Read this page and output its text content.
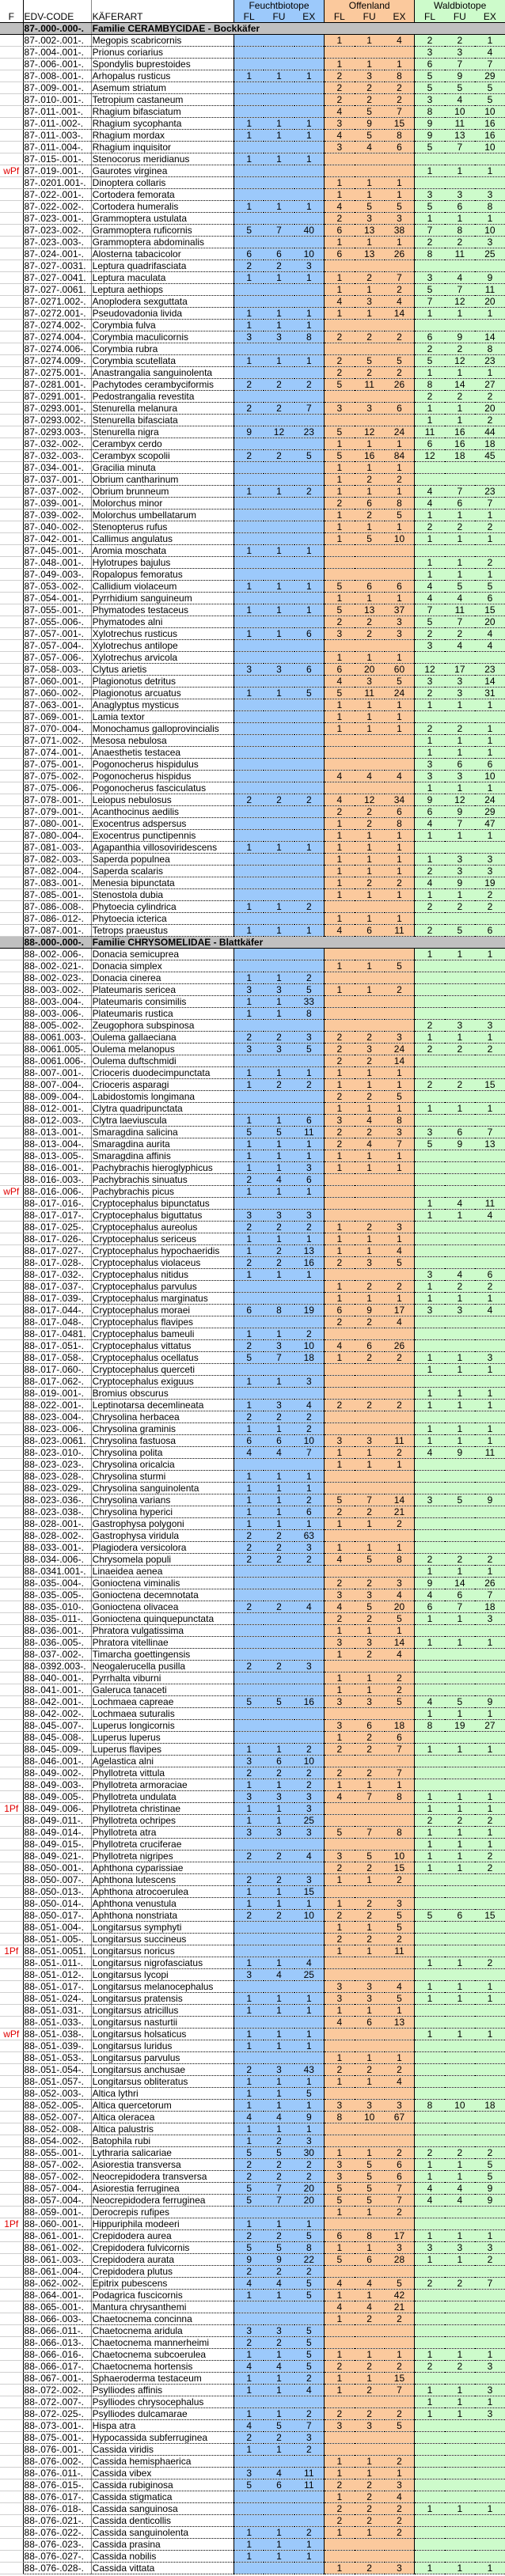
			Feuchtbiotope			Offenland			Waldbiotope		
F	EDV-CODE	KÄFERART	FL	FU	EX	FL	FU	EX	FL	FU	EX
	87-.000-.000-.	Familie CERAMBYCIDAE - Bockkäfer									
	87-.002-.001-.	Megopis scabricornis				1	1	4	2	2	1
	87-.004-.001-.	Prionus coriarius							3	3	4
	87-.006-.001-.	Spondylis buprestoides				1	1	1	6	7	7
	87-.008-.001-.	Arhopalus rusticus	1	1	1	2	3	8	5	9	29
	87-.009-.001-.	Asemum striatum				2	2	2	5	5	5
	87-.010-.001-.	Tetropium castaneum				2	2	2	3	4	5
	87-.011-.001-.	Rhagium bifasciatum				4	5	7	8	10	10
	87-.011-.002-.	Rhagium sycophanta	1	1	1	3	9	15	9	11	16
	87-.011-.003-.	Rhagium mordax	1	1	1	4	5	8	9	13	16
	87-.011-.004-.	Rhagium inquisitor				3	4	6	5	7	10
	87-.015-.001-.	Stenocorus meridianus	1	1	1						
wPf	87-.019-.001-.	Gaurotes virginea							1	1	1
	87-.0201.001-.	Dinoptera collaris				1	1	1			
	87-.022-.001-.	Cortodera femorata				1	1	1	3	3	3
	87-.022-.002-.	Cortodera humeralis	1	1	1	4	5	5	5	6	8
	87-.023-.001-.	Grammoptera ustulata				2	3	3	1	1	1
	87-.023-.002-.	Grammoptera ruficornis	5	7	40	6	13	38	7	8	10
	87-.023-.003-.	Grammoptera abdominalis				1	1	1	2	2	3
	87-.024-.001-.	Alosterna tabacicolor	6	6	10	6	13	26	8	11	25
	87-.027-.0031.	Leptura quadrifasciata	2	2	3						
	87-.027-.0041.	Leptura maculata	1	1	1	1	2	7	3	4	9
	87-.027-.0061.	Leptura aethiops				1	1	2	5	7	11
	87-.0271.002-.	Anoplodera sexguttata				4	3	4	7	12	20
	87-.0272.001-.	Pseudovadonia livida	1	1	1	1	1	14	1	1	1
	87-.0274.002-.	Corymbia fulva	1	1	1						
	87-.0274.004-.	Corymbia maculicornis	3	3	8	2	2	2	6	9	14
	87-.0274.006-.	Corymbia rubra							2	2	8
	87-.0274.009-.	Corymbia scutellata	1	1	1	2	5	5	5	12	23
	87-.0275.001-.	Anastrangalia sanguinolenta				2	2	2	1	1	1
	87-.0281.001-.	Pachytodes cerambyciformis	2	2	2	5	11	26	8	14	27
	87-.0291.001-.	Pedostrangalia revestita							2	2	2
	87-.0293.001-.	Stenurella melanura	2	2	7	3	3	6	1	1	20
	87-.0293.002-.	Stenurella bifasciata							1	1	2
	87-.0293.003-.	Stenurella nigra	9	12	23	5	12	24	11	16	44
	87-.032-.002-.	Cerambyx cerdo				1	1	1	6	16	18
	87-.032-.003-.	Cerambyx scopolii	2	2	5	5	16	84	12	18	45
	87-.034-.001-.	Gracilia minuta				1	1	1			
	87-.037-.001-.	Obrium cantharinum				1	2	2			
	87-.037-.002-.	Obrium brunneum	1	1	2	1	1	1	4	7	23
	87-.039-.001-.	Molorchus minor				2	6	8	4	6	7
	87-.039-.002-.	Molorchus umbellatarum				1	2	5	1	1	1
	87-.040-.002-.	Stenopterus rufus				1	1	1	2	2	2
	87-.042-.001-.	Callimus angulatus				1	5	10	1	1	1
	87-.045-.001-.	Aromia moschata	1	1	1						
	87-.048-.001-.	Hylotrupes bajulus							1	1	2
	87-.049-.003-.	Ropalopus femoratus							1	1	1
	87-.053-.002-.	Callidium violaceum	1	1	1	5	6	6	4	5	5
	87-.054-.001-.	Pyrrhidium sanguineum				1	1	1	4	4	6
	87-.055-.001-.	Phymatodes testaceus	1	1	1	5	13	37	7	11	15
	87-.055-.006-.	Phymatodes alni				2	2	3	5	7	20
	87-.057-.001-.	Xylotrechus rusticus	1	1	6	3	2	3	2	2	4
	87-.057-.004-.	Xylotrechus antilope							3	4	4
	87-.057-.006-.	Xylotrechus arvicola				1	1	1			
	87-.058-.003-.	Clytus arietis	3	3	6	6	20	60	12	17	23
	87-.060-.001-.	Plagionotus detritus				4	3	5	3	3	14
	87-.060-.002-.	Plagionotus arcuatus	1	1	5	5	11	24	2	3	31
	87-.063-.001-.	Anaglyptus mysticus				1	1	1	1	1	1
	87-.069-.001-.	Lamia textor				1	1	1			
	87-.070-.004-.	Monochamus galloprovincialis				1	1	1	2	2	1
	87-.071-.002-.	Mesosa nebulosa							1	1	1
	87-.074-.001-.	Anaesthetis testacea							1	1	1
	87-.075-.001-.	Pogonocherus hispidulus							3	6	6
	87-.075-.002-.	Pogonocherus hispidus				4	4	4	3	3	10
	87-.075-.006-.	Pogonocherus fasciculatus							1	1	1
	87-.078-.001-.	Leiopus nebulosus	2	2	2	4	12	34	9	12	24
	87-.079-.001-.	Acanthocinus aedilis				2	2	6	6	9	29
	87-.080-.001-.	Exocentrus adspersus				1	2	8	4	7	47
	87-.080-.004-.	Exocentrus punctipennis				1	1	1	1	1	1
	87-.081-.003-.	Agapanthia villosoviridescens	1	1	1	1	1	1			
	87-.082-.003-.	Saperda populnea				1	1	1	1	3	3
	87-.082-.004-.	Saperda scalaris				1	1	1	2	3	3
	87-.083-.001-.	Menesia bipunctata				1	2	2	4	9	19
	87-.085-.001-.	Stenostola dubia				1	1	1	1	1	2
	87-.086-.008-.	Phytoecia cylindrica	1	1	2				2	2	2
	87-.086-.012-.	Phytoecia icterica				1	1	1			
	87-.087-.001-.	Tetrops praeustus	1	1	1	4	6	11	2	5	6
	88-.000-.000-.	Familie CHRYSOMELIDAE - Blattkäfer									
	88-.002-.006-.	Donacia semicuprea							1	1	1
	88-.002-.021-.	Donacia simplex				1	1	5			
	88-.002-.023-.	Donacia cinerea	1	1	2						
	88-.003-.002-.	Plateumaris sericea	3	3	5	1	1	2			
	88-.003-.004-.	Plateumaris consimilis	1	1	33						
	88-.003-.006-.	Plateumaris rustica	1	1	8						
	88-.005-.002-.	Zeugophora subspinosa							2	3	3
	88-.0061.003-.	Oulema gallaeciana	2	2	3	2	2	3	1	1	1
	88-.0061.005-.	Oulema melanopus	3	3	5	2	3	24	2	2	2
	88-.0061.006-.	Oulema duftschmidi				2	2	14			
	88-.007-.001-.	Crioceris duodecimpunctata	1	1	1	1	1	1			
	88-.007-.004-.	Crioceris asparagi	1	2	2	1	1	1	2	2	15
	88-.009-.004-.	Labidostomis longimana				2	2	5			
	88-.012-.001-.	Clytra quadripunctata				1	1	1	1	1	1
	88-.012-.003-.	Clytra laeviuscula	1	1	6	3	4	8			
	88-.013-.001-.	Smaragdina salicina	5	5	11	2	2	3	3	6	7
	88-.013-.004-.	Smaragdina aurita	1	1	1	2	4	7	5	9	13
	88-.013-.005-.	Smaragdina affinis	1	1	1	1	1	1			
	88-.016-.001-.	Pachybrachis hieroglyphicus	1	1	3	1	1	1			
	88-.016-.003-.	Pachybrachis sinuatus	2	4	6						
wPf	88-.016-.006-.	Pachybrachis picus	1	1	1						
	88-.017-.016-.	Cryptocephalus bipunctatus							1	4	11
	88-.017-.017-.	Cryptocephalus biguttatus	3	3	3				1	1	4
	88-.017-.025-.	Cryptocephalus aureolus	2	2	2	1	2	3			
	88-.017-.026-.	Cryptocephalus sericeus	1	1	1	1	1	1			
	88-.017-.027-.	Cryptocephalus hypochaeridis	1	2	13	1	1	4			
	88-.017-.028-.	Cryptocephalus violaceus	2	2	16	2	3	5			
	88-.017-.032-.	Cryptocephalus nitidus	1	1	1				3	4	6
	88-.017-.037-.	Cryptocephalus parvulus				1	2	2	1	2	2
	88-.017-.039-.	Cryptocephalus marginatus				1	1	1	1	1	1
	88-.017-.044-.	Cryptocephalus moraei	6	8	19	6	9	17	3	3	4
	88-.017-.048-.	Cryptocephalus flavipes				2	2	4			
	88-.017-.0481.	Cryptocephalus bameuli	1	1	2						
	88-.017-.051-.	Cryptocephalus vittatus	2	3	10	4	6	26			
	88-.017-.058-.	Cryptocephalus ocellatus	5	7	18	1	2	2	1	1	3
	88-.017-.060-.	Cryptocephalus querceti							1	1	1
	88-.017-.062-.	Cryptocephalus exiguus	1	1	3						
	88-.019-.001-.	Bromius obscurus							1	1	1
	88-.022-.001-.	Leptinotarsa decemlineata	1	3	4	2	2	2	1	1	1
	88-.023-.004-.	Chrysolina herbacea	2	2	2						
	88-.023-.006-.	Chrysolina graminis	1	1	2				1	1	1
	88-.023-.0061.	Chrysolina fastuosa	6	6	10	3	3	11	1	1	1
	88-.023-.010-.	Chrysolina polita	4	4	7	1	1	2	4	9	11
	88-.023-.023-.	Chrysolina oricalcia				1	1	1			
	88-.023-.028-.	Chrysolina sturmi	1	1	1						
	88-.023-.029-.	Chrysolina sanguinolenta	1	1	1						
	88-.023-.036-.	Chrysolina varians	1	1	2	5	7	14	3	5	9
	88-.023-.038-.	Chrysolina hyperici	1	1	6	2	2	21			
	88-.028-.001-.	Gastrophysa polygoni	1	1	1	1	1	2			
	88-.028-.002-.	Gastrophysa viridula	2	2	63						
	88-.033-.001-.	Plagiodera versicolora	2	2	3	1	1	1			
	88-.034-.006-.	Chrysomela populi	2	2	2	4	5	8	2	2	2
	88-.0341.001-.	Linaeidea aenea							1	1	1
	88-.035-.004-.	Gonioctena viminalis				2	2	3	9	14	26
	88-.035-.005-.	Gonioctena decemnotata				3	3	4	4	6	7
	88-.035-.010-.	Gonioctena olivacea	2	2	4	4	5	20	6	7	18
	88-.035-.011-.	Gonioctena quinquepunctata				2	2	5	1	1	3
	88-.036-.001-.	Phratora vulgatissima				1	1	1			
	88-.036-.005-.	Phratora vitellinae				3	3	14	1	1	1
	88-.037-.002-.	Timarcha goettingensis				1	2	4			
	88-.0392.003-.	Neogalerucella pusilla	2	2	3						
	88-.040-.001-.	Pyrrhalta viburni				1	1	2			
	88-.041-.001-.	Galeruca tanaceti				1	1	2			
	88-.042-.001-.	Lochmaea capreae	5	5	16	3	3	5	4	5	9
	88-.042-.002-.	Lochmaea suturalis							1	1	1
	88-.045-.007-.	Luperus longicornis				3	6	18	8	19	27
	88-.045-.008-.	Luperus luperus				1	2	6			
	88-.045-.009-.	Luperus flavipes	1	1	2	2	2	7	1	1	1
	88-.046-.001-.	Agelastica alni	3	6	10						
	88-.049-.002-.	Phyllotreta vittula	2	2	2	2	2	7			
	88-.049-.003-.	Phyllotreta armoraciae	1	1	2	1	1	1			
	88-.049-.005-.	Phyllotreta undulata	3	3	3	4	7	8	1	1	1
1Pf	88-.049-.006-.	Phyllotreta christinae	1	1	3				1	1	1
	88-.049-.011-.	Phyllotreta ochripes	1	1	25				2	2	2
	88-.049-.014-.	Phyllotreta atra	3	3	3	5	7	8	1	1	1
	88-.049-.015-.	Phyllotreta cruciferae							1	1	1
	88-.049-.021-.	Phyllotreta nigripes	2	2	4	3	5	10	1	1	2
	88-.050-.001-.	Aphthona cyparissiae				2	2	15	1	1	2
	88-.050-.007-.	Aphthona lutescens	2	2	3	1	1	2			
	88-.050-.013-.	Aphthona atrocoerulea	1	1	15						
	88-.050-.014-.	Aphthona venustula	1	1	1	1	2	3			
	88-.050-.017-.	Aphthona nonstriata	2	2	10	2	2	5	5	6	15
	88-.051-.004-.	Longitarsus symphyti				1	1	5			
	88-.051-.005-.	Longitarsus succineus				2	2	2			
1Pf	88-.051-.0051.	Longitarsus noricus				1	1	11			
	88-.051-.011-.	Longitarsus nigrofasciatus	1	1	4				1	1	2
	88-.051-.012-.	Longitarsus lycopi	3	4	25						
	88-.051-.017-.	Longitarsus melanocephalus				3	3	4	1	1	1
	88-.051-.024-.	Longitarsus pratensis	1	1	1	3	3	5	1	1	1
	88-.051-.031-.	Longitarsus atricillus	1	1	1	1	1	1			
	88-.051-.033-.	Longitarsus nasturtii				4	6	13			
wPf	88-.051-.038-.	Longitarsus holsaticus	1	1	1				1	1	1
	88-.051-.039-.	Longitarsus luridus	1	1	1						
	88-.051-.053-.	Longitarsus parvulus				1	1	1			
	88-.051-.054-.	Longitarsus anchusae	2	3	43	2	2	2			
	88-.051-.057-.	Longitarsus obliteratus	1	1	1	1	1	4			
	88-.052-.003-.	Altica lythri	1	1	5						
	88-.052-.005-.	Altica quercetorum	1	1	1	3	3	3	8	10	18
	88-.052-.007-.	Altica oleracea	4	4	9	8	10	67			
	88-.052-.008-.	Altica palustris	1	1	1						
	88-.054-.002-.	Batophila rubi	1	2	3						
	88-.055-.001-.	Lythraria salicariae	5	5	30	1	1	2	2	2	2
	88-.057-.002-.	Asiorestia transversa	2	2	2	3	5	6	1	1	5
	88-.057-.002-.	Neocrepidodera transversa	2	2	2	3	5	6	1	1	5
	88-.057-.004-.	Asiorestia ferruginea	5	7	20	5	5	7	4	4	9
	88-.057-.004-.	Neocrepidodera ferruginea	5	7	20	5	5	7	4	4	9
	88-.059-.001-.	Derocrepis rufipes				1	1	2			
1Pf	88-.060-.001-.	Hippuriphila modeeri	1	1	1						
	88-.061-.001-.	Crepidodera aurea	2	2	5	6	8	17	1	1	1
	88-.061-.002-.	Crepidodera fulvicornis	5	5	8	1	1	3	3	3	3
	88-.061-.003-.	Crepidodera aurata	9	9	22	5	6	28	1	1	2
	88-.061-.004-.	Crepidodera plutus	2	2	2						
	88-.062-.002-.	Epitrix pubescens	4	4	5	4	4	5	2	2	7
	88-.064-.001-.	Podagrica fuscicornis	1	1	5	1	1	42			
	88-.065-.001-.	Mantura chrysanthemi				4	4	21			
	88-.066-.003-.	Chaetocnema concinna				1	2	2			
	88-.066-.011-.	Chaetocnema aridula	3	3	5						
	88-.066-.013-.	Chaetocnema mannerheimi	2	2	5						
	88-.066-.016-.	Chaetocnema subcoerulea	1	1	5	1	1	1	1	1	1
	88-.066-.017-.	Chaetocnema hortensis	4	4	5	2	2	2	2	2	3
	88-.067-.001-.	Sphaeroderma testaceum	1	1	2	1	1	15			
	88-.072-.002-.	Psylliodes affinis	1	1	4	1	2	7	1	1	3
	88-.072-.007-.	Psylliodes chrysocephalus							1	1	1
	88-.072-.025-.	Psylliodes dulcamarae	1	1	2	2	2	2	1	1	3
	88-.073-.001-.	Hispa atra	4	5	7	3	3	5			
	88-.075-.001-.	Hypocassida subferruginea	2	2	3						
	88-.076-.001-.	Cassida viridis	1	1	2						
	88-.076-.002-.	Cassida hemisphaerica				1	1	2			
	88-.076-.011-.	Cassida vibex	3	4	11	1	1	1			
	88-.076-.015-.	Cassida rubiginosa	5	6	11	2	2	3			
	88-.076-.017-.	Cassida stigmatica				1	2	4			
	88-.076-.018-.	Cassida sanguinosa				2	2	2	1	1	1
	88-.076-.021-.	Cassida denticollis				2	2	2			
	88-.076-.022-.	Cassida sanguinolenta	1	1	2	1	1	2			
	88-.076-.023-.	Cassida prasina	1	1	1						
	88-.076-.027-.	Cassida nobilis	1	1	1						
	88-.076-.028-.	Cassida vittata				1	2	3	1	1	1
